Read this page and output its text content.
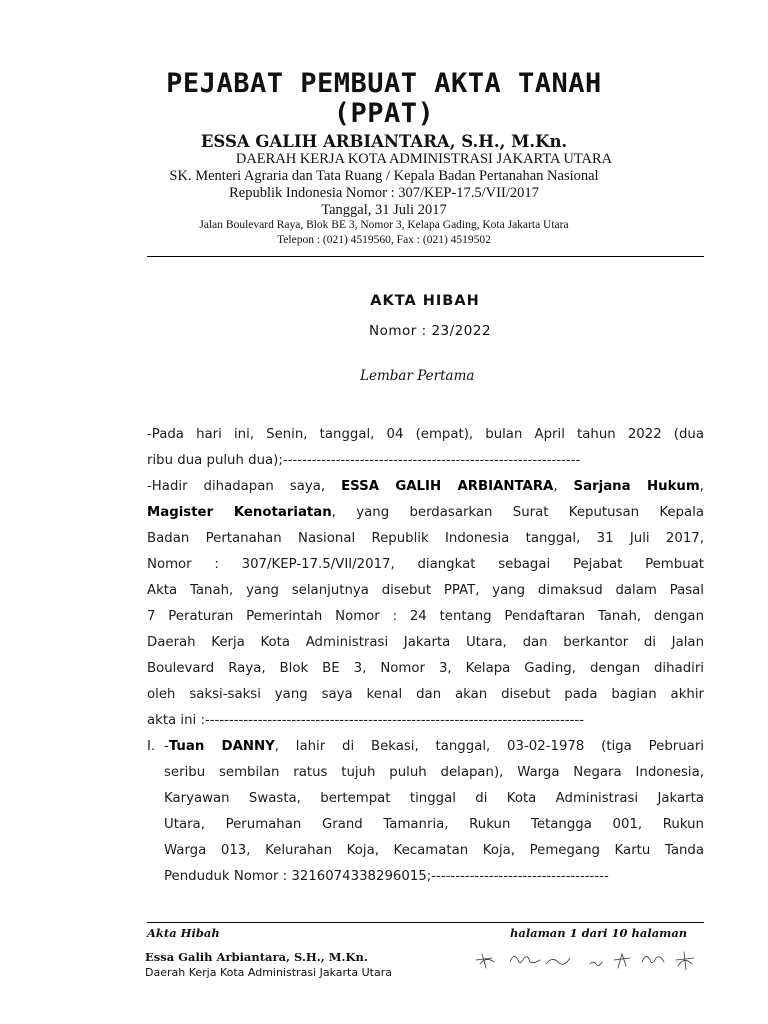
PEJABAT PEMBUAT AKTA TANAH
(PPAT)
ESSA GALIH ARBIANTARA, S.H., M.Kn.
DAERAH KERJA KOTA ADMINISTRASI JAKARTA UTARA
SK. Menteri Agraria dan Tata Ruang / Kepala Badan Pertanahan Nasional
Republik Indonesia Nomor : 307/KEP-17.5/VII/2017
Tanggal, 31 Juli 2017
Jalan Boulevard Raya, Blok BE 3, Nomor 3, Kelapa Gading, Kota Jakarta Utara
Telepon : (021) 4519560, Fax : (021) 4519502
AKTA HIBAH
Nomor : 23/2022
Lembar Pertama
-Pada hari ini, Senin, tanggal, 04 (empat), bulan April tahun 2022 (dua
ribu dua puluh dua);--------------------------------------------------------------
-Hadir dihadapan saya, ESSA GALIH ARBIANTARA, Sarjana Hukum,
Magister Kenotariatan, yang berdasarkan Surat Keputusan Kepala
Badan Pertanahan Nasional Republik Indonesia tanggal, 31 Juli 2017,
Nomor : 307/KEP-17.5/VII/2017, diangkat sebagai Pejabat Pembuat
Akta Tanah, yang selanjutnya disebut PPAT, yang dimaksud dalam Pasal
7 Peraturan Pemerintah Nomor : 24 tentang Pendaftaran Tanah, dengan
Daerah Kerja Kota Administrasi Jakarta Utara, dan berkantor di Jalan
Boulevard Raya, Blok BE 3, Nomor 3, Kelapa Gading, dengan dihadiri
oleh saksi-saksi yang saya kenal dan akan disebut pada bagian akhir
akta ini :-------------------------------------------------------------------------------
I. -Tuan DANNY, lahir di Bekasi, tanggal, 03-02-1978 (tiga Pebruari
seribu sembilan ratus tujuh puluh delapan), Warga Negara Indonesia,
Karyawan Swasta, bertempat tinggal di Kota Administrasi Jakarta
Utara, Perumahan Grand Tamanria, Rukun Tetangga 001, Rukun
Warga 013, Kelurahan Koja, Kecamatan Koja, Pemegang Kartu Tanda
Penduduk Nomor : 3216074338296015;-------------------------------------
Akta Hibah	halaman 1 dari 10 halaman
Essa Galih Arbiantara, S.H., M.Kn.
Daerah Kerja Kota Administrasi Jakarta Utara
